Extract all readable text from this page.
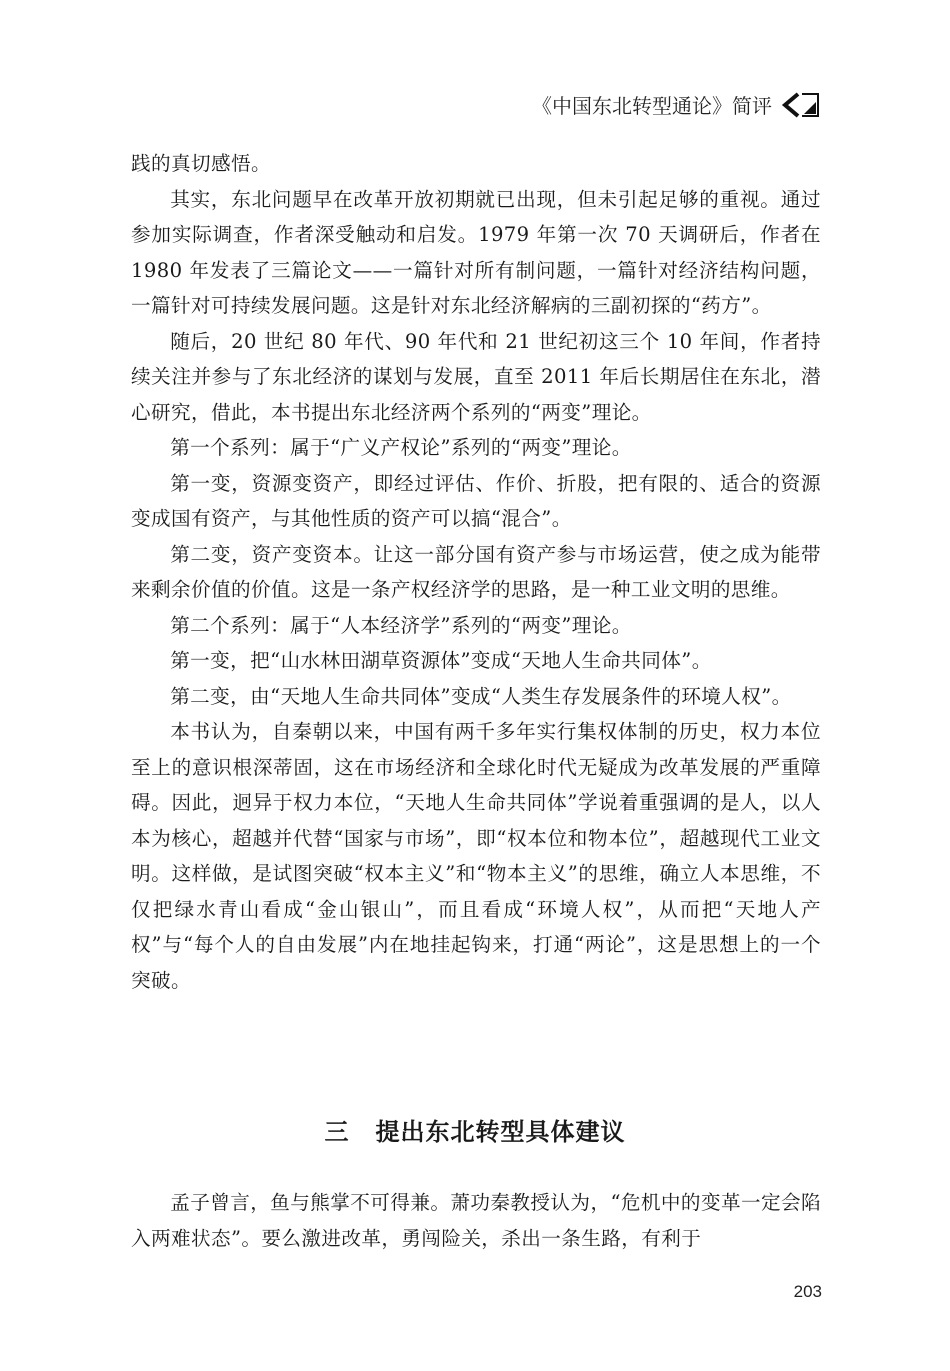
《中国东北转型通论》简评

践的真切感悟。

其实，东北问题早在改革开放初期就已出现，但未引起足够的重视。通过参加实际调查，作者深受触动和启发。1979 年第一次 70 天调研后，作者在 1980 年发表了三篇论文——一篇针对所有制问题，一篇针对经济结构问题，一篇针对可持续发展问题。这是针对东北经济解病的三副初探的“药方”。

随后，20 世纪 80 年代、90 年代和 21 世纪初这三个 10 年间，作者持续关注并参与了东北经济的谋划与发展，直至 2011 年后长期居住在东北，潜心研究，借此，本书提出东北经济两个系列的“两变”理论。

第一个系列：属于“广义产权论”系列的“两变”理论。

第一变，资源变资产，即经过评估、作价、折股，把有限的、适合的资源变成国有资产，与其他性质的资产可以搞“混合”。

第二变，资产变资本。让这一部分国有资产参与市场运营，使之成为能带来剩余价值的价值。这是一条产权经济学的思路，是一种工业文明的思维。

第二个系列：属于“人本经济学”系列的“两变”理论。

第一变，把“山水林田湖草资源体”变成“天地人生命共同体”。

第二变，由“天地人生命共同体”变成“人类生存发展条件的环境人权”。

本书认为，自秦朝以来，中国有两千多年实行集权体制的历史，权力本位至上的意识根深蒂固，这在市场经济和全球化时代无疑成为改革发展的严重障碍。因此，迥异于权力本位，“天地人生命共同体”学说着重强调的是人，以人本为核心，超越并代替“国家与市场”，即“权本位和物本位”，超越现代工业文明。这样做，是试图突破“权本主义”和“物本主义”的思维，确立人本思维，不仅把绿水青山看成“金山银山”，而且看成“环境人权”，从而把“天地人产权”与“每个人的自由发展”内在地挂起钩来，打通“两论”，这是思想上的一个突破。

三 提出东北转型具体建议

孟子曾言，鱼与熊掌不可得兼。萧功秦教授认为，“危机中的变革一定会陷入两难状态”。要么激进改革，勇闯险关，杀出一条生路，有利于

203
